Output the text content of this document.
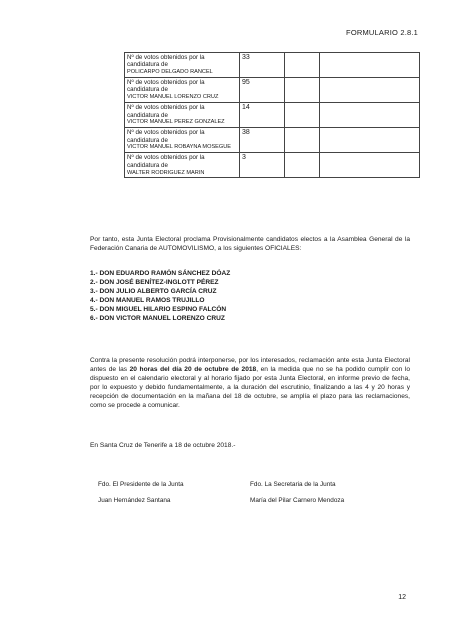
FORMULARIO 2.8.1
Nº de votos obtenidos por la
candidatura de
POLICARPO DELGADO RANCEL	33		

Nº de votos obtenidos por la
candidatura de
VICTOR MANUEL LORENZO CRUZ	95		

Nº de votos obtenidos por la
candidatura de
VICTOR MANUEL PEREZ GONZALEZ	14		

Nº de votos obtenidos por la
candidatura de
VICTOR MANUEL ROBAYNA MOSEGUE	38		

Nº de votos obtenidos por la
candidatura de
WALTER RODRIGUEZ MARIN	3		
Por tanto, esta Junta Electoral proclama Provisionalmente candidatos electos a la Asamblea General de la Federación Canaria de AUTOMOVILISMO, a los siguientes OFICIALES:
1.- DON EDUARDO RAMÓN SÁNCHEZ DÓAZ
2.- DON JOSÉ BENÍTEZ-INGLOTT PÉREZ
3.- DON JULIO ALBERTO GARCÍA CRUZ
4.- DON MANUEL RAMOS TRUJILLO
5.- DON MIGUEL HILARIO ESPINO FALCÓN
6.- DON VICTOR MANUEL LORENZO CRUZ
Contra la presente resolución podrá interponerse, por los interesados, reclamación ante esta Junta Electoral antes de las 20 horas del día 20 de octubre de 2018, en la medida que no se ha podido cumplir con lo dispuesto en el calendario electoral y al horario fijado por esta Junta Electoral, en informe previo de fecha, por lo expuesto y debido fundamentalmente, a la duración del escrutinio, finalizando a las 4 y 20 horas y recepción de documentación en la mañana del 18 de octubre, se amplía el plazo para las reclamaciones, como se procede a comunicar.
En Santa Cruz de Tenerife a 18 de octubre 2018.-
Fdo. El Presidente de la Junta
Juan Hernández Santana
Fdo. La Secretaria de la Junta
María del Pilar Carnero Mendoza
12
